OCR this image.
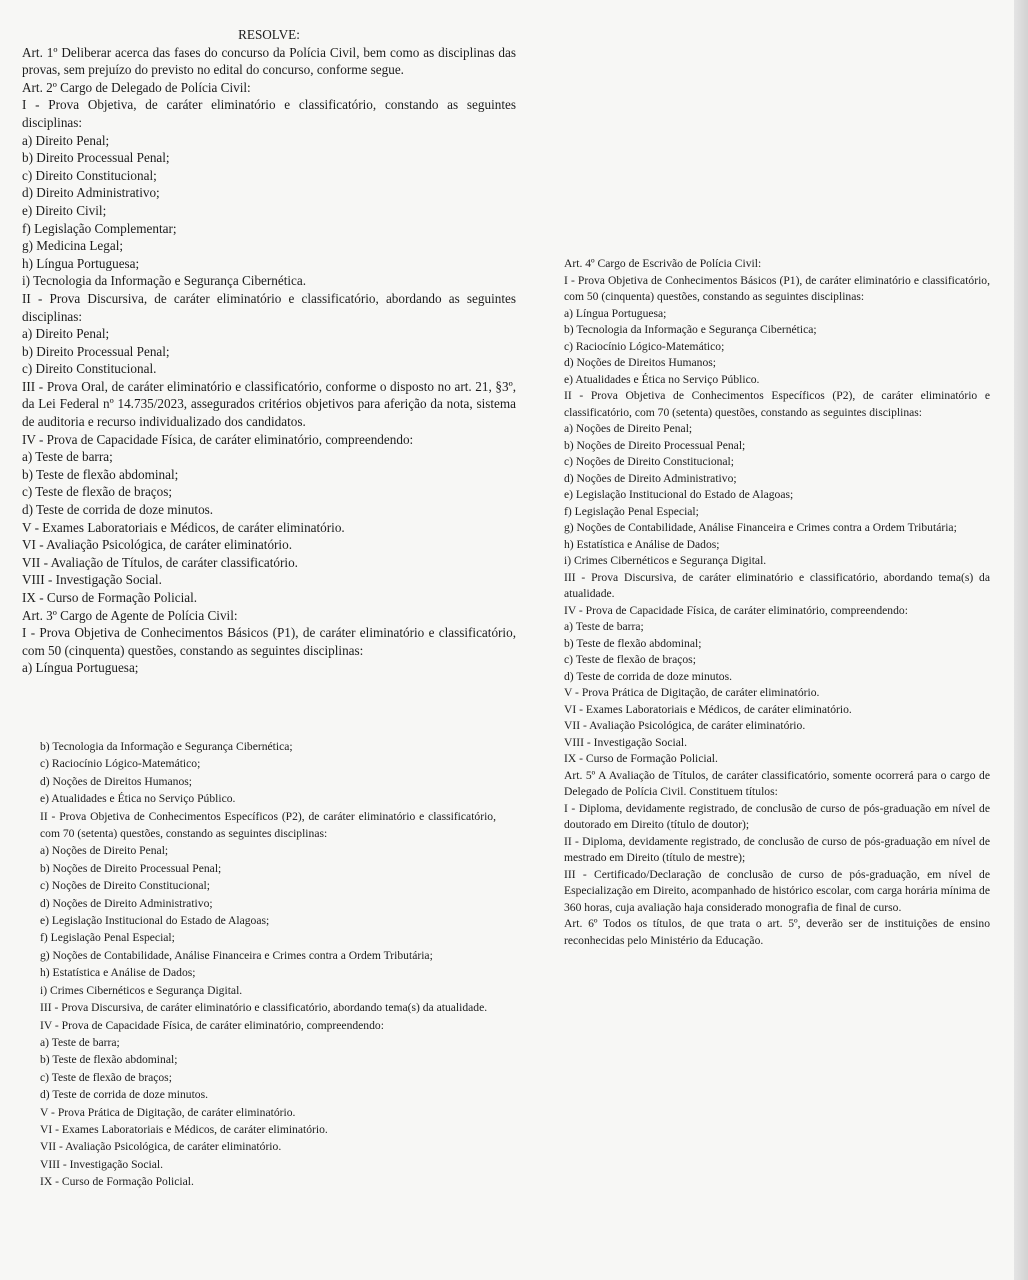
RESOLVE:

Art. 1º Deliberar acerca das fases do concurso da Polícia Civil, bem como as disciplinas das provas, sem prejuízo do previsto no edital do concurso, conforme segue.

Art. 2º Cargo de Delegado de Polícia Civil:

I - Prova Objetiva, de caráter eliminatório e classificatório, constando as seguintes disciplinas:

a) Direito Penal;

b) Direito Processual Penal;

c) Direito Constitucional;

d) Direito Administrativo;

e) Direito Civil;

f) Legislação Complementar;

g) Medicina Legal;

h) Língua Portuguesa;

i) Tecnologia da Informação e Segurança Cibernética.

II - Prova Discursiva, de caráter eliminatório e classificatório, abordando as seguintes disciplinas:

a) Direito Penal;

b) Direito Processual Penal;

c) Direito Constitucional.

III - Prova Oral, de caráter eliminatório e classificatório, conforme o disposto no art. 21, §3º, da Lei Federal nº 14.735/2023, assegurados critérios objetivos para aferição da nota, sistema de auditoria e recurso individualizado dos candidatos.

IV - Prova de Capacidade Física, de caráter eliminatório, compreendendo:

a) Teste de barra;

b) Teste de flexão abdominal;

c) Teste de flexão de braços;

d) Teste de corrida de doze minutos.

V - Exames Laboratoriais e Médicos, de caráter eliminatório.

VI - Avaliação Psicológica, de caráter eliminatório.

VII - Avaliação de Títulos, de caráter classificatório.

VIII - Investigação Social.

IX - Curso de Formação Policial.

Art. 3º Cargo de Agente de Polícia Civil:

I - Prova Objetiva de Conhecimentos Básicos (P1), de caráter eliminatório e classificatório, com 50 (cinquenta) questões, constando as seguintes disciplinas:

a) Língua Portuguesa;

Art. 4º Cargo de Escrivão de Polícia Civil:

I - Prova Objetiva de Conhecimentos Básicos (P1), de caráter eliminatório e classificatório, com 50 (cinquenta) questões, constando as seguintes disciplinas:

a) Língua Portuguesa;

b) Tecnologia da Informação e Segurança Cibernética;

c) Raciocínio Lógico-Matemático;

d) Noções de Direitos Humanos;

e) Atualidades e Ética no Serviço Público.

II - Prova Objetiva de Conhecimentos Específicos (P2), de caráter eliminatório e classificatório, com 70 (setenta) questões, constando as seguintes disciplinas:

a) Noções de Direito Penal;

b) Noções de Direito Processual Penal;

c) Noções de Direito Constitucional;

d) Noções de Direito Administrativo;

e) Legislação Institucional do Estado de Alagoas;

f) Legislação Penal Especial;

g) Noções de Contabilidade, Análise Financeira e Crimes contra a Ordem Tributária;

h) Estatística e Análise de Dados;

i) Crimes Cibernéticos e Segurança Digital.

III - Prova Discursiva, de caráter eliminatório e classificatório, abordando tema(s) da atualidade.

IV - Prova de Capacidade Física, de caráter eliminatório, compreendendo:

a) Teste de barra;

b) Teste de flexão abdominal;

c) Teste de flexão de braços;

d) Teste de corrida de doze minutos.

V - Prova Prática de Digitação, de caráter eliminatório.

VI - Exames Laboratoriais e Médicos, de caráter eliminatório.

VII - Avaliação Psicológica, de caráter eliminatório.

VIII - Investigação Social.

IX - Curso de Formação Policial.

Art. 5º A Avaliação de Títulos, de caráter classificatório, somente ocorrerá para o cargo de Delegado de Polícia Civil. Constituem títulos:

I - Diploma, devidamente registrado, de conclusão de curso de pós-graduação em nível de doutorado em Direito (título de doutor);

II - Diploma, devidamente registrado, de conclusão de curso de pós-graduação em nível de mestrado em Direito (título de mestre);

III - Certificado/Declaração de conclusão de curso de pós-graduação, em nível de Especialização em Direito, acompanhado de histórico escolar, com carga horária mínima de 360 horas, cuja avaliação haja considerado monografia de final de curso.

Art. 6º Todos os títulos, de que trata o art. 5º, deverão ser de instituições de ensino reconhecidas pelo Ministério da Educação.

b) Tecnologia da Informação e Segurança Cibernética;

c) Raciocínio Lógico-Matemático;

d) Noções de Direitos Humanos;

e) Atualidades e Ética no Serviço Público.

II - Prova Objetiva de Conhecimentos Específicos (P2), de caráter eliminatório e classificatório, com 70 (setenta) questões, constando as seguintes disciplinas:

a) Noções de Direito Penal;

b) Noções de Direito Processual Penal;

c) Noções de Direito Constitucional;

d) Noções de Direito Administrativo;

e) Legislação Institucional do Estado de Alagoas;

f) Legislação Penal Especial;

g) Noções de Contabilidade, Análise Financeira e Crimes contra a Ordem Tributária;

h) Estatística e Análise de Dados;

i) Crimes Cibernéticos e Segurança Digital.

III - Prova Discursiva, de caráter eliminatório e classificatório, abordando tema(s) da atualidade.

IV - Prova de Capacidade Física, de caráter eliminatório, compreendendo:

a) Teste de barra;

b) Teste de flexão abdominal;

c) Teste de flexão de braços;

d) Teste de corrida de doze minutos.

V - Prova Prática de Digitação, de caráter eliminatório.

VI - Exames Laboratoriais e Médicos, de caráter eliminatório.

VII - Avaliação Psicológica, de caráter eliminatório.

VIII - Investigação Social.

IX - Curso de Formação Policial.
